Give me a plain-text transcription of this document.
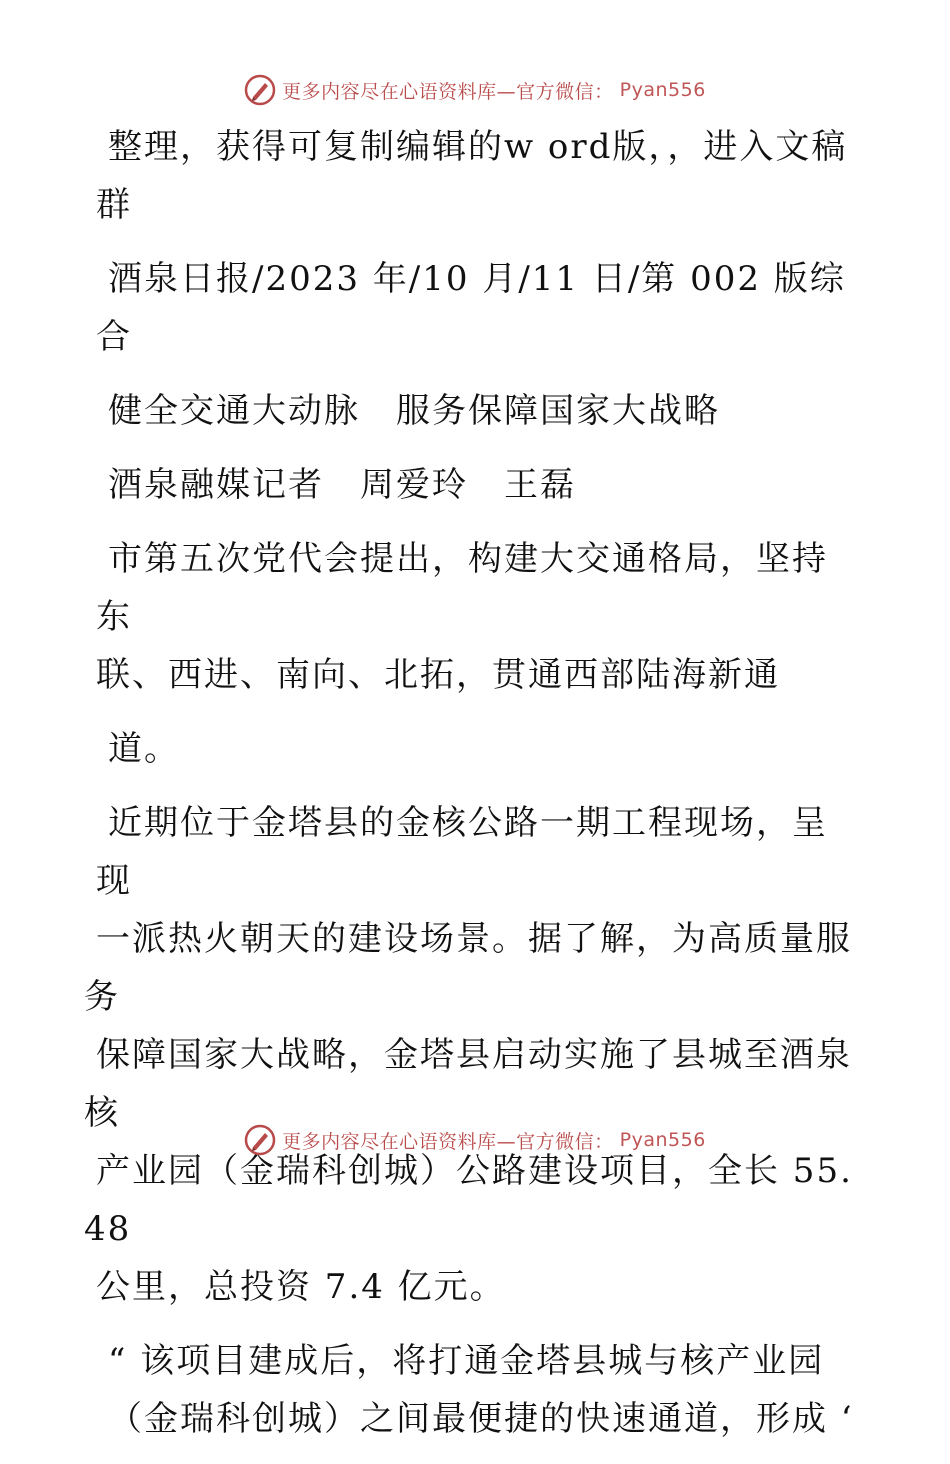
更多内容尽在心语资料库—官方微信： Pyan556

整理，获得可复制编辑的w ord版，，进入文稿
群

酒泉日报/2023 年/10 月/11 日/第 002 版综合

健全交通大动脉　服务保障国家大战略

酒泉融媒记者　周爱玲　王磊

市第五次党代会提出，构建大交通格局，坚持东
联、西进、南向、北拓，贯通西部陆海新通

道。

近期位于金塔县的金核公路一期工程现场，呈现
一派热火朝天的建设场景。据了解，为高质量服务
保障国家大战略，金塔县启动实施了县城至酒泉核
产业园（金瑞科创城）公路建设项目，全长 55.48
公里，总投资 7.4 亿元。

“ 该项目建成后，将打通金塔县城与核产业园
（金瑞科创城）之间最便捷的快速通道，形成 ‘

更多内容尽在心语资料库—官方微信： Pyan556
